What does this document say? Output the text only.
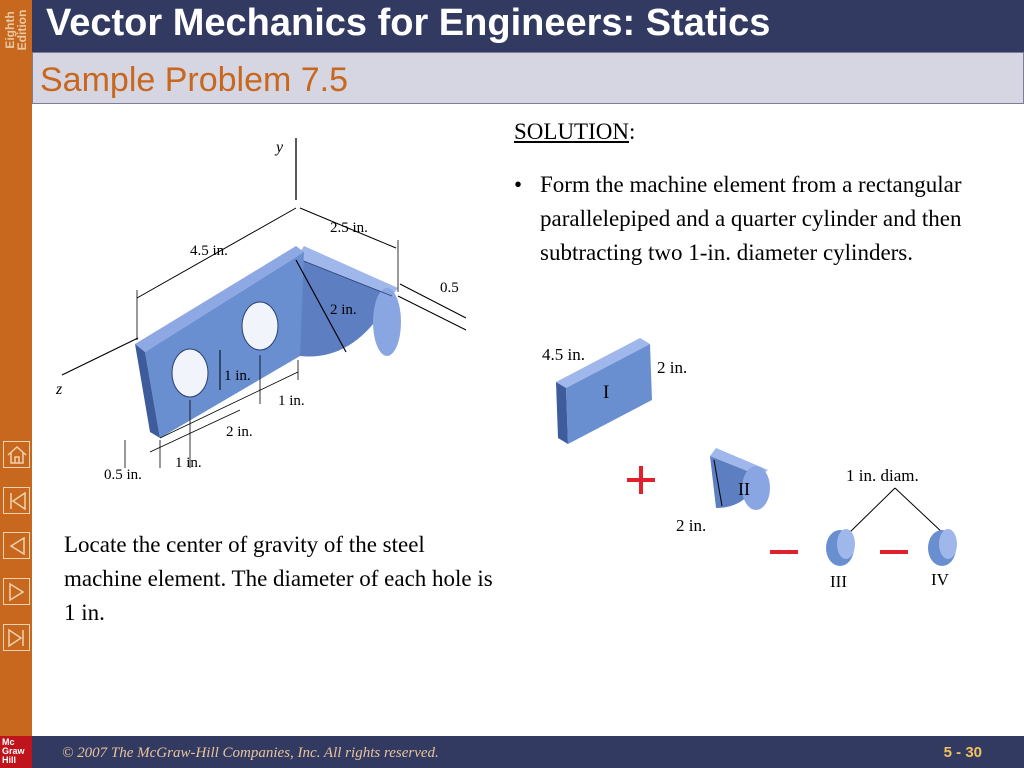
Eighth
Edition
Mc
Graw
Hill
Vector Mechanics for Engineers: Statics
Sample Problem 7.5
y
z
4.5 in.
2.5 in.
0.5
2 in.
1 in.
1 in.
2 in.
0.5 in.
1 in.
SOLUTION:
• Form the machine element from a rectangular parallelepiped and a quarter cylinder and then subtracting two 1-in. diameter cylinders.
4.5 in.
2 in.
I
II
2 in.
1 in. diam.
III	IV
Locate the center of gravity of the steel machine element. The diameter of each hole is 1 in.
© 2007 The McGraw-Hill Companies, Inc. All rights reserved.	5 - 30
